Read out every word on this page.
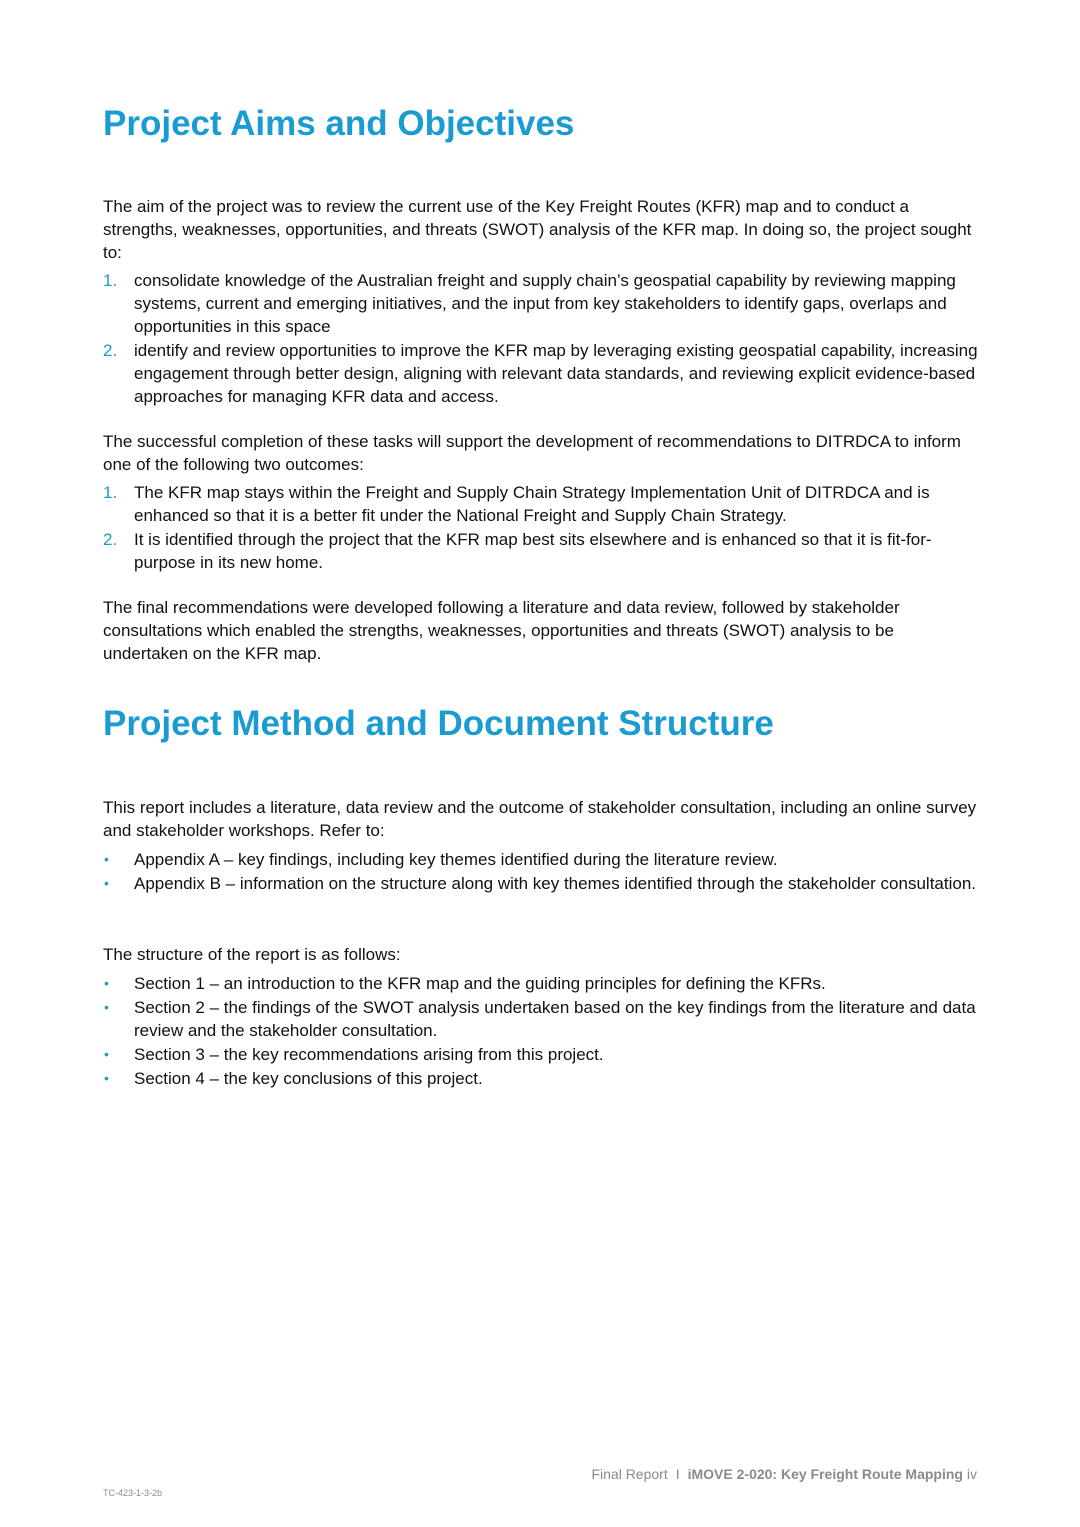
Project Aims and Objectives

The aim of the project was to review the current use of the Key Freight Routes (KFR) map and to conduct a strengths, weaknesses, opportunities, and threats (SWOT) analysis of the KFR map. In doing so, the project sought to:

1. consolidate knowledge of the Australian freight and supply chain’s geospatial capability by reviewing mapping systems, current and emerging initiatives, and the input from key stakeholders to identify gaps, overlaps and opportunities in this space
2. identify and review opportunities to improve the KFR map by leveraging existing geospatial capability, increasing engagement through better design, aligning with relevant data standards, and reviewing explicit evidence-based approaches for managing KFR data and access.

The successful completion of these tasks will support the development of recommendations to DITRDCA to inform one of the following two outcomes:

1. The KFR map stays within the Freight and Supply Chain Strategy Implementation Unit of DITRDCA and is enhanced so that it is a better fit under the National Freight and Supply Chain Strategy.
2. It is identified through the project that the KFR map best sits elsewhere and is enhanced so that it is fit-for-purpose in its new home.

The final recommendations were developed following a literature and data review, followed by stakeholder consultations which enabled the strengths, weaknesses, opportunities and threats (SWOT) analysis to be undertaken on the KFR map.

Project Method and Document Structure

This report includes a literature, data review and the outcome of stakeholder consultation, including an online survey and stakeholder workshops. Refer to:

• Appendix A – key findings, including key themes identified during the literature review.
• Appendix B – information on the structure along with key themes identified through the stakeholder consultation.

The structure of the report is as follows:

• Section 1 – an introduction to the KFR map and the guiding principles for defining the KFRs.
• Section 2 – the findings of the SWOT analysis undertaken based on the key findings from the literature and data review and the stakeholder consultation.
• Section 3 – the key recommendations arising from this project.
• Section 4 – the key conclusions of this project.
Final Report I iMOVE 2-020: Key Freight Route Mapping iv
TC-423-1-3-2b
